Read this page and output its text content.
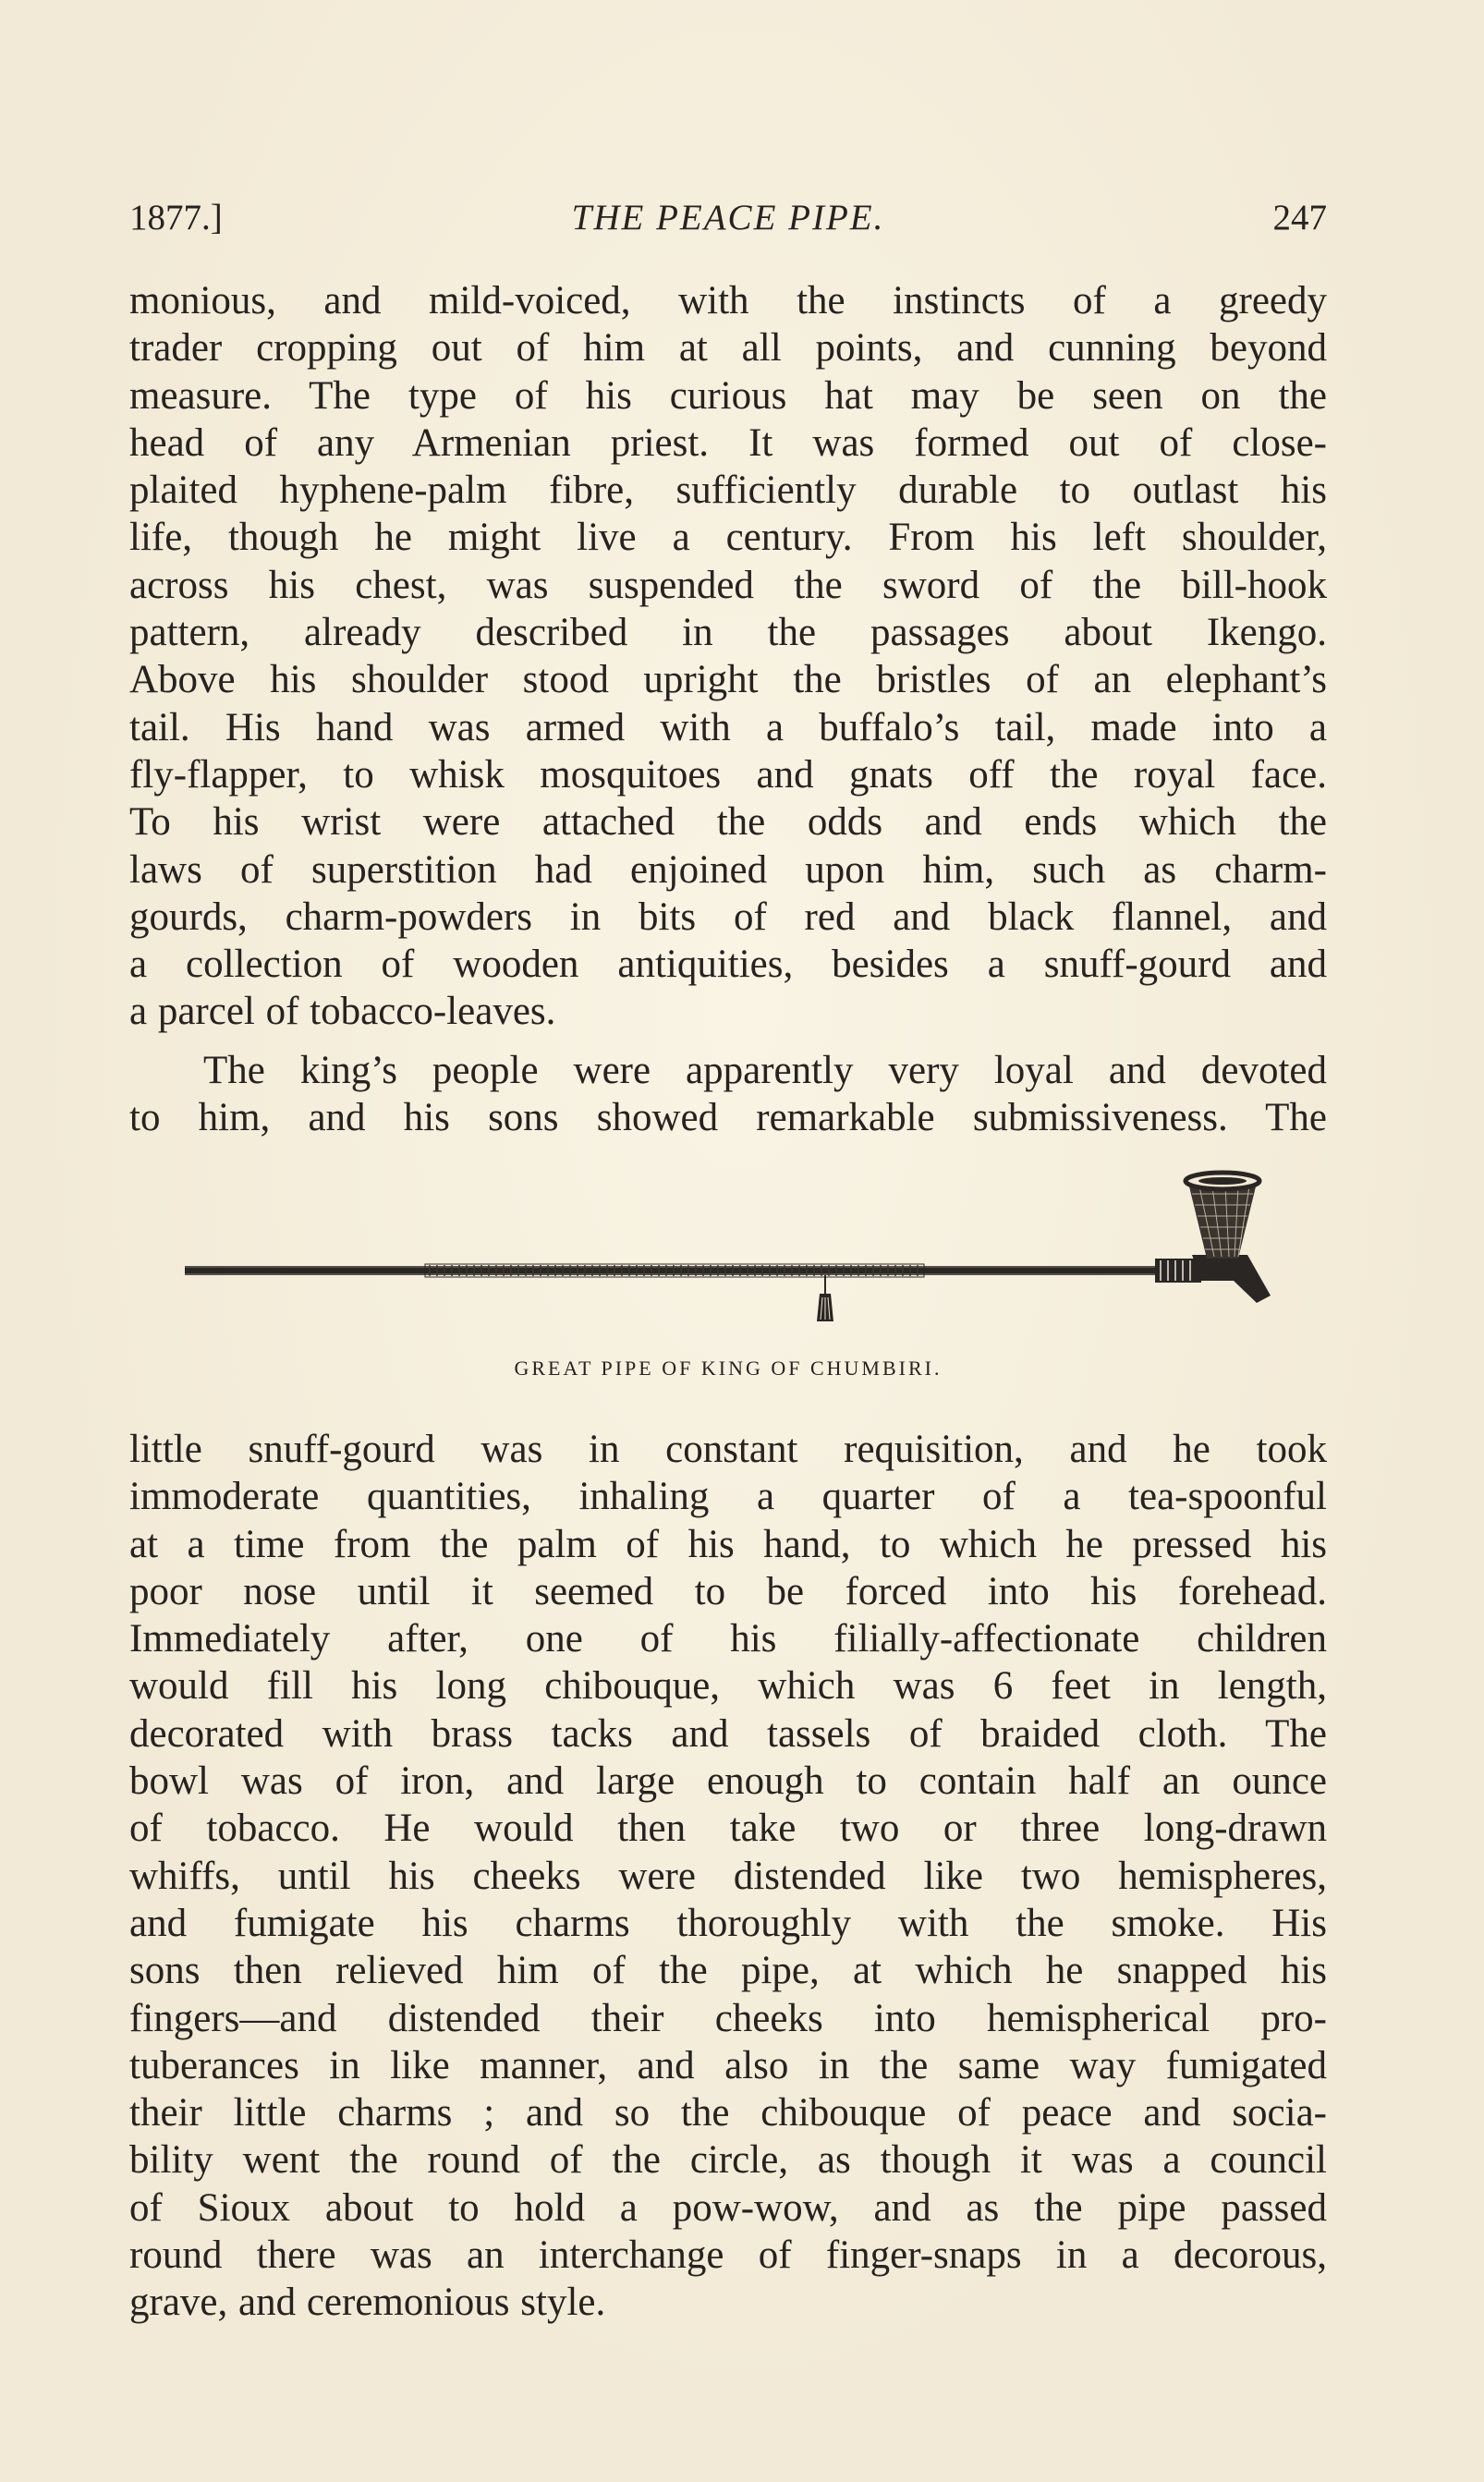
1877.]	THE PEACE PIPE.	247

monious, and mild-voiced, with the instincts of a greedy
trader cropping out of him at all points, and cunning beyond
measure. The type of his curious hat may be seen on the
head of any Armenian priest. It was formed out of close-
plaited hyphene-palm fibre, sufficiently durable to outlast his
life, though he might live a century. From his left shoulder,
across his chest, was suspended the sword of the bill-hook
pattern, already described in the passages about Ikengo.
Above his shoulder stood upright the bristles of an elephant’s
tail. His hand was armed with a buffalo’s tail, made into a
fly-flapper, to whisk mosquitoes and gnats off the royal face.
To his wrist were attached the odds and ends which the
laws of superstition had enjoined upon him, such as charm-
gourds, charm-powders in bits of red and black flannel, and
a collection of wooden antiquities, besides a snuff-gourd and
a parcel of tobacco-leaves.

The king’s people were apparently very loyal and devoted
to him, and his sons showed remarkable submissiveness. The

GREAT PIPE OF KING OF CHUMBIRI.

little snuff-gourd was in constant requisition, and he took
immoderate quantities, inhaling a quarter of a tea-spoonful
at a time from the palm of his hand, to which he pressed his
poor nose until it seemed to be forced into his forehead.
Immediately after, one of his filially-affectionate children
would fill his long chibouque, which was 6 feet in length,
decorated with brass tacks and tassels of braided cloth. The
bowl was of iron, and large enough to contain half an ounce
of tobacco. He would then take two or three long-drawn
whiffs, until his cheeks were distended like two hemispheres,
and fumigate his charms thoroughly with the smoke. His
sons then relieved him of the pipe, at which he snapped his
fingers—and distended their cheeks into hemispherical pro-
tuberances in like manner, and also in the same way fumigated
their little charms ; and so the chibouque of peace and socia-
bility went the round of the circle, as though it was a council
of Sioux about to hold a pow-wow, and as the pipe passed
round there was an interchange of finger-snaps in a decorous,
grave, and ceremonious style.
